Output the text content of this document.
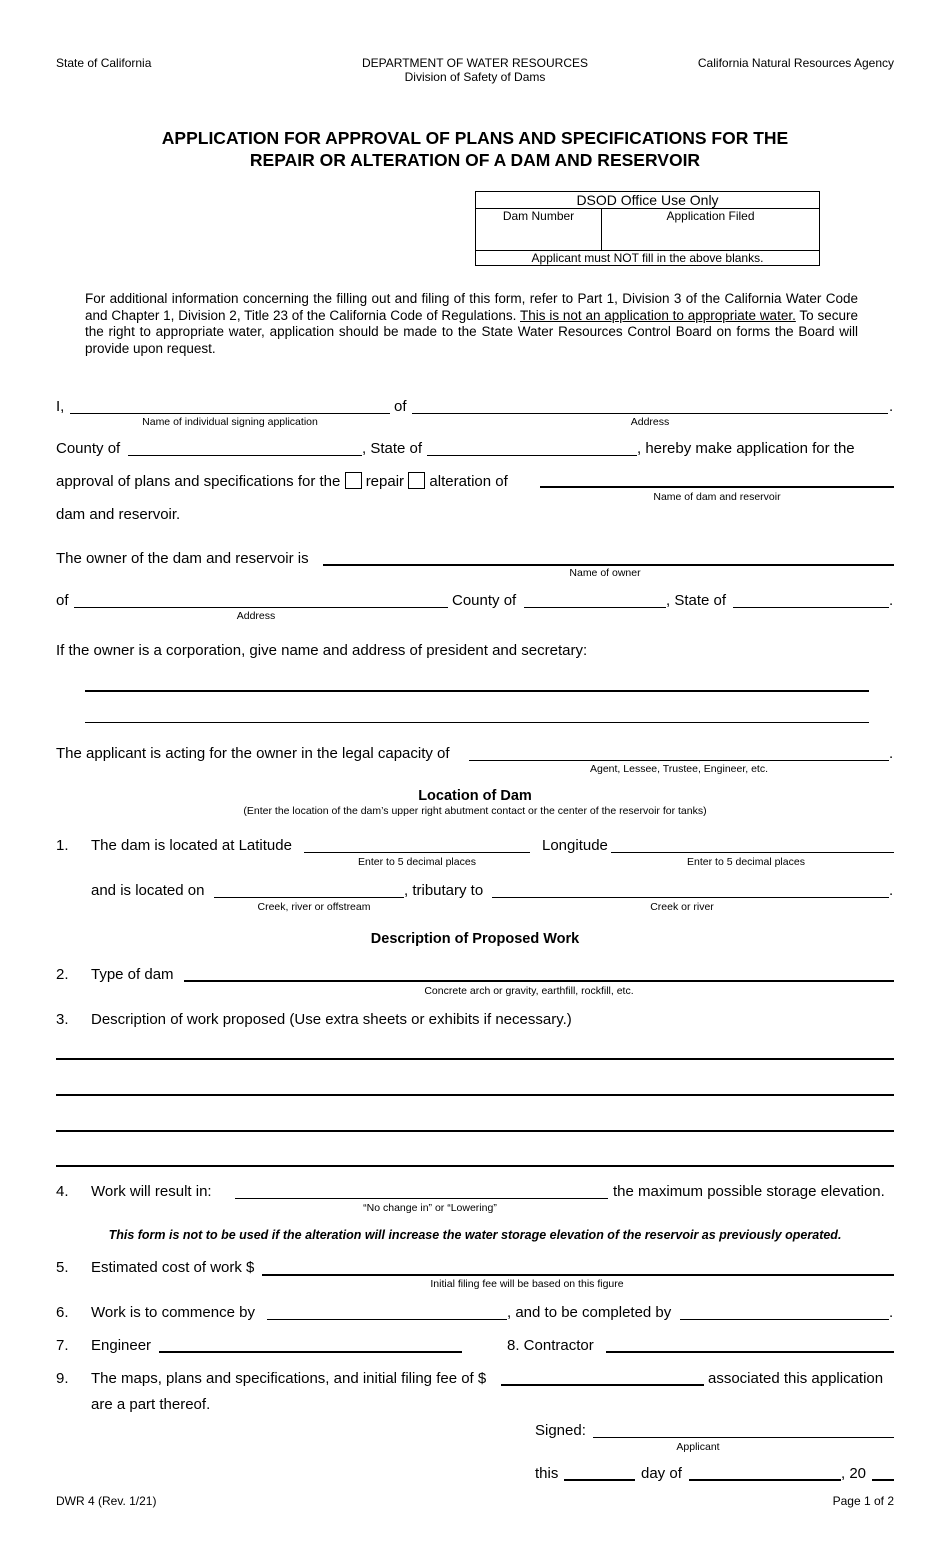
State of California	DEPARTMENT OF WATER RESOURCES
Division of Safety of Dams
California Natural Resources Agency
APPLICATION FOR APPROVAL OF PLANS AND SPECIFICATIONS FOR THE
REPAIR OR ALTERATION OF A DAM AND RESERVOIR
DSOD Office Use Only	
Dam Number	Application Filed

Applicant must NOT fill in the above blanks.	
For additional information concerning the filling out and filing of this form, refer to Part 1, Division 3 of the California Water Code and Chapter 1, Division 2, Title 23 of the California Code of Regulations. This is not an application to appropriate water. To secure the right to appropriate water, application should be made to the State Water Resources Control Board on forms the Board will provide upon request.
I,
Name of individual signing application
of	.
Address
County of	, State of	, hereby make application for the
approval of plans and specifications for the repair alteration of
Name of dam and reservoir
dam and reservoir.
The owner of the dam and reservoir is
Name of owner
of
Address
County of	, State of	.
If the owner is a corporation, give name and address of president and secretary:
The applicant is acting for the owner in the legal capacity of	.
Agent, Lessee, Trustee, Engineer, etc.
Location of Dam
(Enter the location of the dam’s upper right abutment contact or the center of the reservoir for tanks)
1. The dam is located at Latitude
Enter to 5 decimal places
Longitude
Enter to 5 decimal places
and is located on
Creek, river or offstream
, tributary to	.
Creek or river
Description of Proposed Work
2. Type of dam
Concrete arch or gravity, earthfill, rockfill, etc.
3. Description of work proposed (Use extra sheets or exhibits if necessary.)
4. Work will result in:
“No change in” or “Lowering”
the maximum possible storage elevation.
This form is not to be used if the alteration will increase the water storage elevation of the reservoir as previously operated.
5. Estimated cost of work $
Initial filing fee will be based on this figure
6. Work is to commence by	, and to be completed by	.
7. Engineer	8. Contractor
9. The maps, plans and specifications, and initial filing fee of $	associated this application
are a part thereof.
Signed:
Applicant
this	day of	, 20
DWR 4 (Rev. 1/21)	Page 1 of 2
